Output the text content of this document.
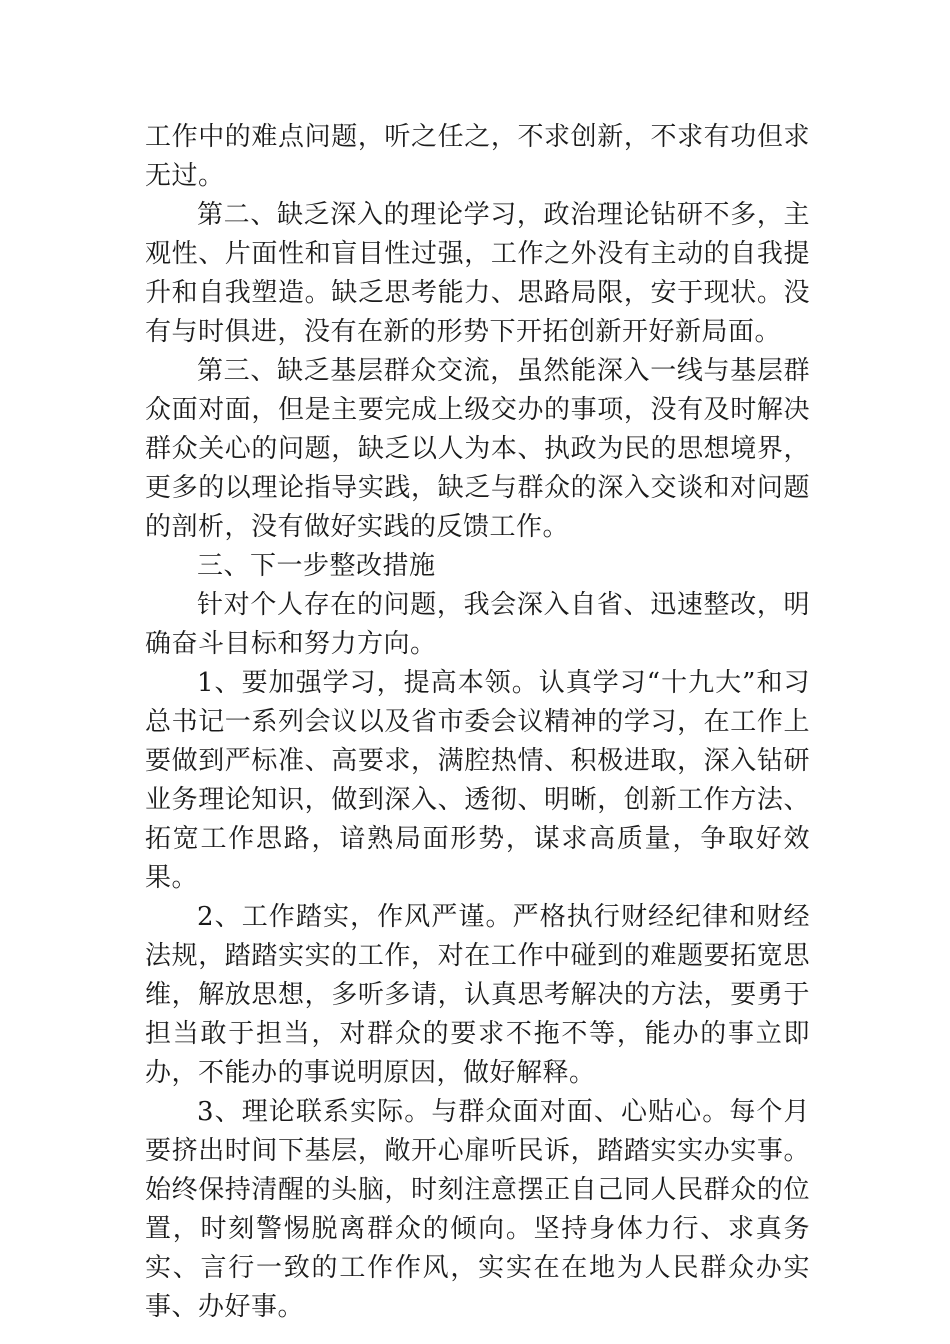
工作中的难点问题，听之任之，不求创新，不求有功但求无过。

第二、缺乏深入的理论学习，政治理论钻研不多，主观性、片面性和盲目性过强，工作之外没有主动的自我提升和自我塑造。缺乏思考能力、思路局限，安于现状。没有与时俱进，没有在新的形势下开拓创新开好新局面。

第三、缺乏基层群众交流，虽然能深入一线与基层群众面对面，但是主要完成上级交办的事项，没有及时解决群众关心的问题，缺乏以人为本、执政为民的思想境界，更多的以理论指导实践，缺乏与群众的深入交谈和对问题的剖析，没有做好实践的反馈工作。

三、下一步整改措施

针对个人存在的问题，我会深入自省、迅速整改，明确奋斗目标和努力方向。

1、要加强学习，提高本领。认真学习“十九大”和习总书记一系列会议以及省市委会议精神的学习，在工作上要做到严标准、高要求，满腔热情、积极进取，深入钻研业务理论知识，做到深入、透彻、明晰，创新工作方法、拓宽工作思路，谙熟局面形势，谋求高质量，争取好效果。

2、工作踏实，作风严谨。严格执行财经纪律和财经法规，踏踏实实的工作，对在工作中碰到的难题要拓宽思维，解放思想，多听多请，认真思考解决的方法，要勇于担当敢于担当，对群众的要求不拖不等，能办的事立即办，不能办的事说明原因，做好解释。

3、理论联系实际。与群众面对面、心贴心。每个月要挤出时间下基层，敞开心扉听民诉，踏踏实实办实事。始终保持清醒的头脑，时刻注意摆正自己同人民群众的位置，时刻警惕脱离群众的倾向。坚持身体力行、求真务实、言行一致的工作作风，实实在在地为人民群众办实事、办好事。
